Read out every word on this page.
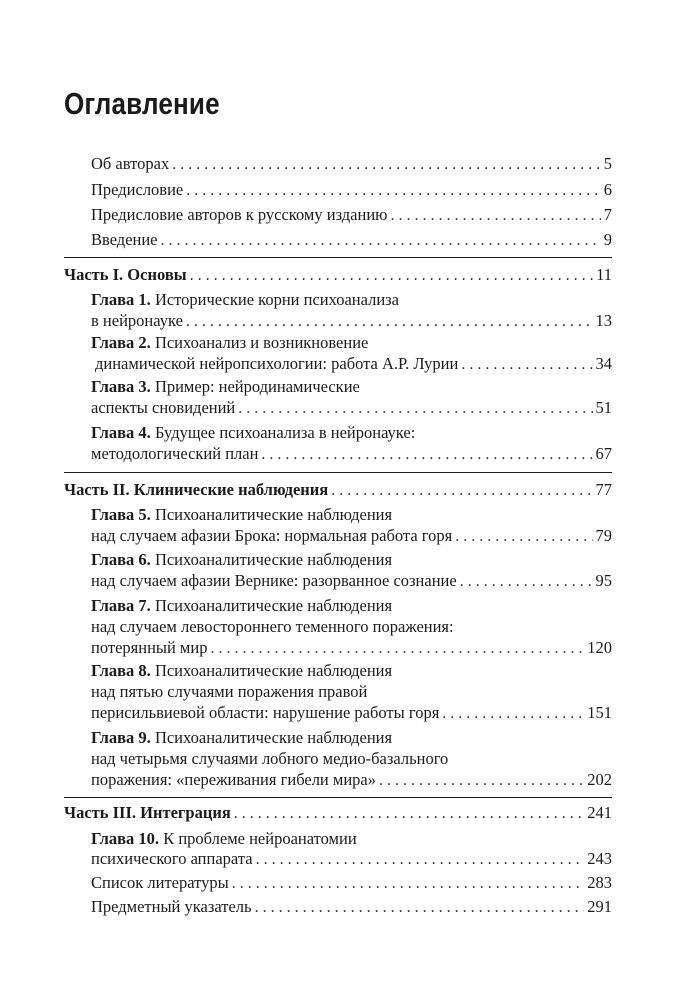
Оглавление
Об авторах . . .	5
Предисловие . . .	6
Предисловие авторов к русскому изданию . . .	7
Введение . . .	9
Часть I. Основы . . .	11
Глава 1. Исторические корни психоанализа
в нейронауке . . .	13
Глава 2. Психоанализ и возникновение
динамической нейропсихологии: работа А.Р. Лурии . . .	34
Глава 3. Пример: нейродинамические
аспекты сновидений . . .	51
Глава 4. Будущее психоанализа в нейронауке:
методологический план . . .	67
Часть II. Клинические наблюдения . . .	77
Глава 5. Психоаналитические наблюдения
над случаем афазии Брока: нормальная работа горя . . .	79
Глава 6. Психоаналитические наблюдения
над случаем афазии Вернике: разорванное сознание . . .	95
Глава 7. Психоаналитические наблюдения
над случаем левостороннего теменного поражения:
потерянный мир . . .	120
Глава 8. Психоаналитические наблюдения
над пятью случаями поражения правой
перисильвиевой области: нарушение работы горя . . .	151
Глава 9. Психоаналитические наблюдения
над четырьмя случаями лобного медио-базального
поражения: «переживания гибели мира» . . .	202
Часть III. Интеграция . . .	241
Глава 10. К проблеме нейроанатомии
психического аппарата . . .	243
Список литературы . . .	283
Предметный указатель . . .	291
